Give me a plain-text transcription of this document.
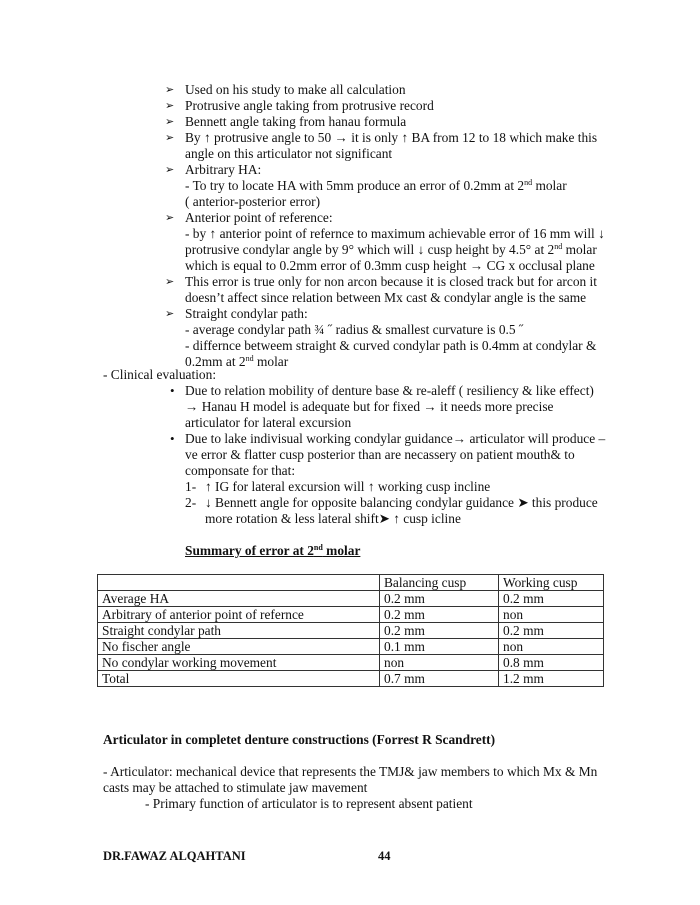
➢ Used on his study to make all calculation
➢ Protrusive angle taking from protrusive record
➢ Bennett angle taking from hanau formula
➢ By ↑ protrusive angle to 50 → it is only ↑ BA from 12 to 18 which make this
angle on this articulator not significant
➢ Arbitrary HA:
- To try to locate HA with 5mm produce an error of 0.2mm at 2nd molar
( anterior-posterior error)
➢ Anterior point of reference:
- by ↑ anterior point of refernce to maximum achievable error of 16 mm will ↓
protrusive condylar angle by 9° which will ↓ cusp height by 4.5° at 2nd molar
which is equal to 0.2mm error of 0.3mm cusp height → CG x occlusal plane
➢ This error is true only for non arcon because it is closed track but for arcon it
doesn’t affect since relation between Mx cast & condylar angle is the same
➢ Straight condylar path:
- average condylar path ¾ ˝ radius & smallest curvature is 0.5 ˝
- differnce betweem straight & curved condylar path is 0.4mm at condylar &
0.2mm at 2nd molar
- Clinical evaluation:
• Due to relation mobility of denture base & re-aleff ( resiliency & like effect)
→ Hanau H model is adequate but for fixed → it needs more precise
articulator for lateral excursion
• Due to lake indivisual working condylar guidance→ articulator will produce –
ve error & flatter cusp posterior than are necassery on patient mouth& to
componsate for that:
1- ↑ IG for lateral excursion will ↑ working cusp incline
2- ↓ Bennett angle for opposite balancing condylar guidance ➤ this produce
more rotation & less lateral shift➤ ↑ cusp icline
Summary of error at 2nd molar
	Balancing cusp	Working cusp
Average HA	0.2 mm	0.2 mm
Arbitrary of anterior point of refernce	0.2 mm	non
Straight condylar path	0.2 mm	0.2 mm
No fischer angle	0.1 mm	non
No condylar working movement	non	0.8 mm
Total	0.7 mm	1.2 mm
Articulator in completet denture constructions (Forrest R Scandrett)
- Articulator: mechanical device that represents the TMJ& jaw members to which Mx & Mn
casts may be attached to stimulate jaw mavement
- Primary function of articulator is to represent absent patient
DR.FAWAZ ALQAHTANI	44
